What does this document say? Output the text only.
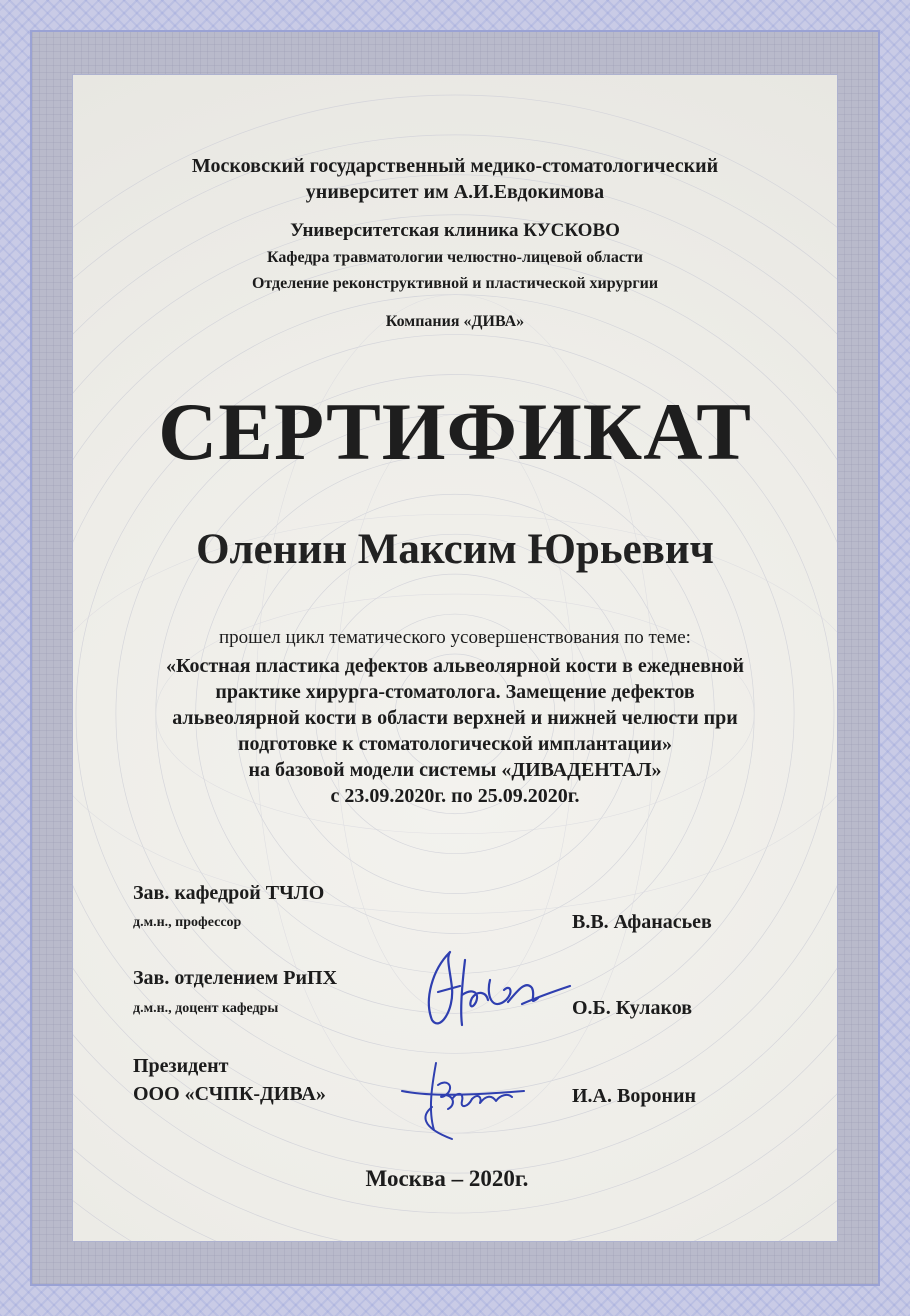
Московский государственный медико-стоматологический
университет им А.И.Евдокимова
Университетская клиника КУСКОВО
Кафедра травматологии челюстно-лицевой области
Отделение реконструктивной и пластической хирургии
Компания «ДИВА»
СЕРТИФИКАТ
Оленин Максим Юрьевич
прошел цикл тематического усовершенствования по теме:
«Костная пластика дефектов альвеолярной кости в ежедневной
практике хирурга-стоматолога. Замещение дефектов
альвеолярной кости в области верхней и нижней челюсти при
подготовке к стоматологической имплантации»
на базовой модели системы «ДИВАДЕНТАЛ»
с 23.09.2020г. по 25.09.2020г.
Зав. кафедрой ТЧЛО
д.м.н., профессор	В.В. Афанасьев
Зав. отделением РиПХ
д.м.н., доцент кафедры	О.Б. Кулаков
Президент
ООО «СЧПК-ДИВА»	И.А. Воронин
Москва – 2020г.
